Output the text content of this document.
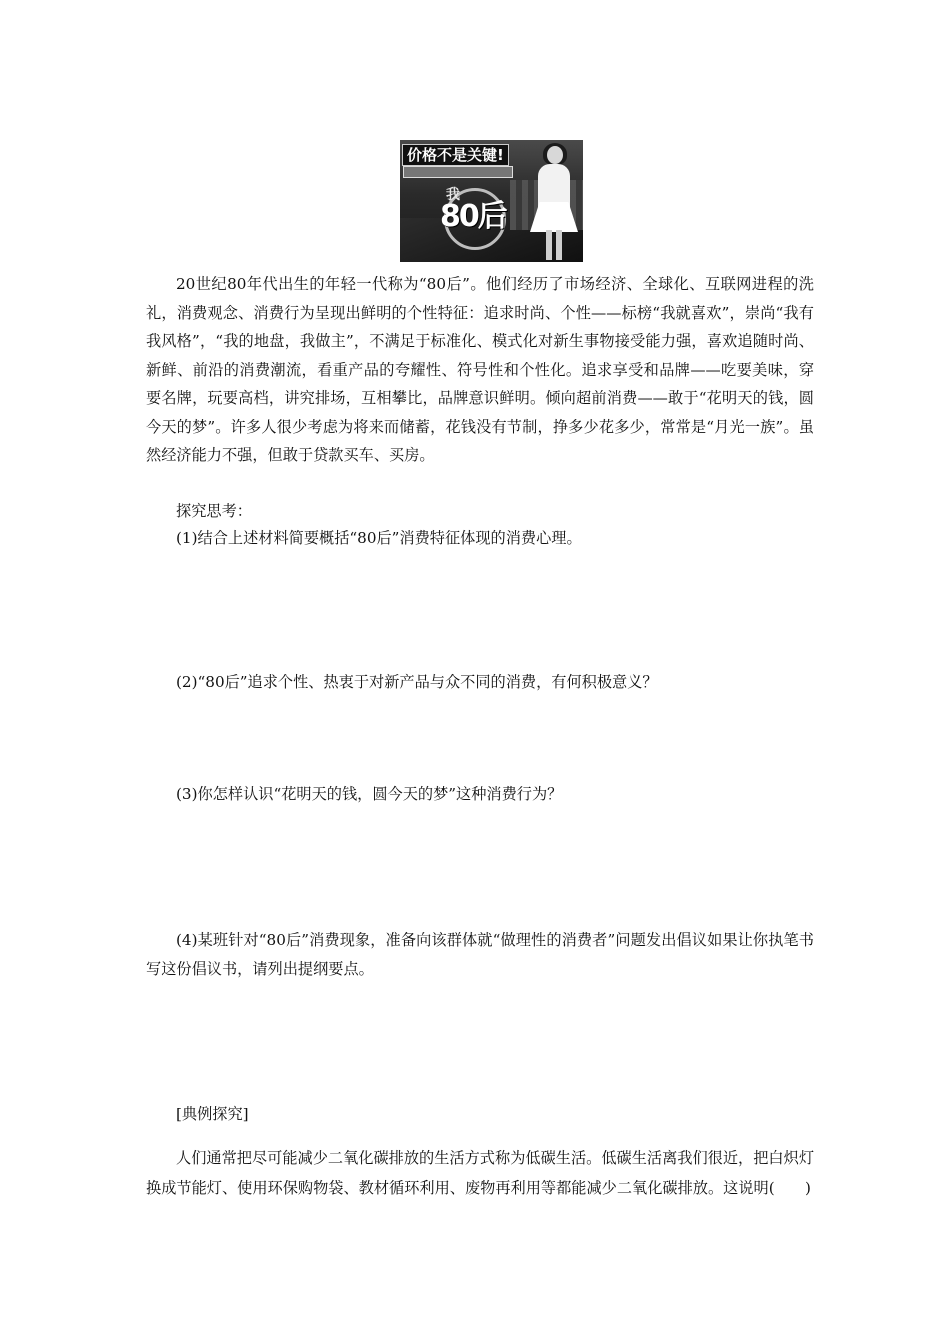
价格不是关键!
我
80后

20世纪80年代出生的年轻一代称为“80后”。他们经历了市场经济、全球化、互联网进程的洗礼，消费观念、消费行为呈现出鲜明的个性特征：追求时尚、个性——标榜“我就喜欢”，崇尚“我有我风格”，“我的地盘，我做主”，不满足于标准化、模式化对新生事物接受能力强，喜欢追随时尚、新鲜、前沿的消费潮流，看重产品的夸耀性、符号性和个性化。追求享受和品牌——吃要美味，穿要名牌，玩要高档，讲究排场，互相攀比，品牌意识鲜明。倾向超前消费——敢于“花明天的钱，圆今天的梦”。许多人很少考虑为将来而储蓄，花钱没有节制，挣多少花多少，常常是“月光一族”。虽然经济能力不强，但敢于贷款买车、买房。

探究思考：

(1)结合上述材料简要概括“80后”消费特征体现的消费心理。

(2)“80后”追求个性、热衷于对新产品与众不同的消费，有何积极意义？

(3)你怎样认识“花明天的钱，圆今天的梦”这种消费行为？

(4)某班针对“80后”消费现象，准备向该群体就“做理性的消费者”问题发出倡议如果让你执笔书写这份倡议书，请列出提纲要点。

[典例探究]

人们通常把尽可能减少二氧化碳排放的生活方式称为低碳生活。低碳生活离我们很近，把白炽灯换成节能灯、使用环保购物袋、教材循环利用、废物再利用等都能减少二氧化碳排放。这说明(　　)
